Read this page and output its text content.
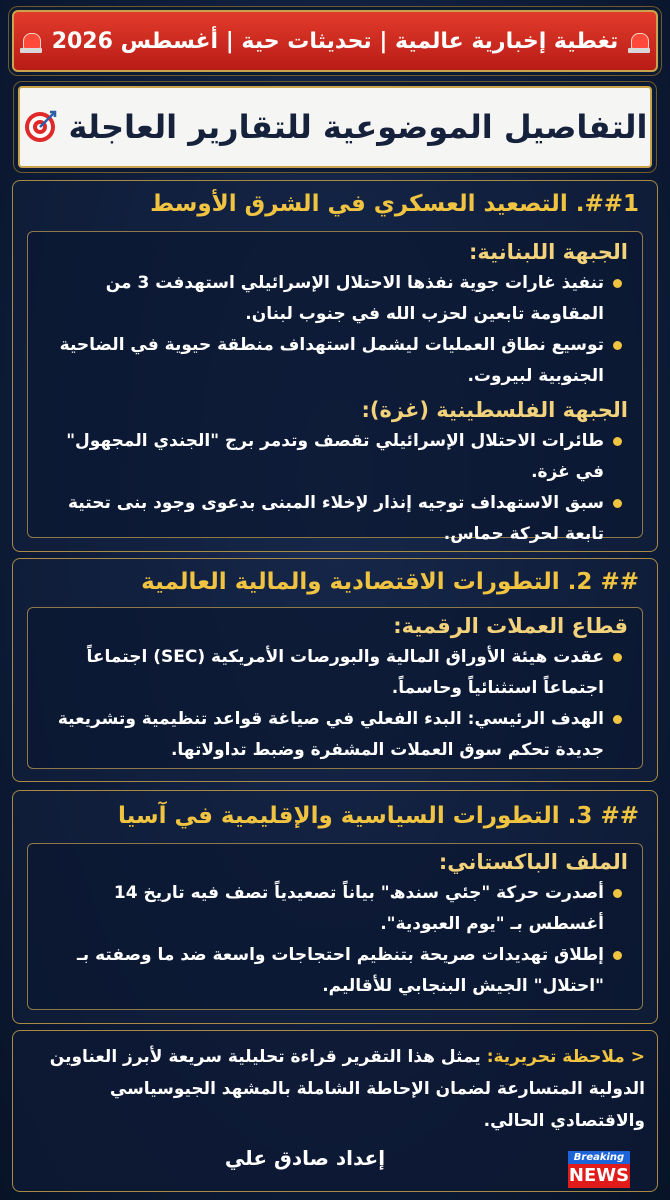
تغطية إخبارية عالمية | تحديثات حية | أغسطس 2026
التفاصيل الموضوعية للتقارير العاجلة
##1. التصعيد العسكري في الشرق الأوسط
الجبهة اللبنانية:
تنفيذ غارات جوية نفذها الاحتلال الإسرائيلي استهدفت 3 من المقاومة تابعين لحزب الله في جنوب لبنان.
توسيع نطاق العمليات ليشمل استهداف منطقة حيوية في الضاحية الجنوبية لبيروت.
الجبهة الفلسطينية (غزة):
طائرات الاحتلال الإسرائيلي تقصف وتدمر برج "الجندي المجهول" في غزة.
سبق الاستهداف توجيه إنذار لإخلاء المبنى بدعوى وجود بنى تحتية تابعة لحركة حماس.
## 2. التطورات الاقتصادية والمالية العالمية
قطاع العملات الرقمية:
عقدت هيئة الأوراق المالية والبورصات الأمريكية (SEC) اجتماعاً اجتماعاً استثنائياً وحاسماً.
الهدف الرئيسي: البدء الفعلي في صياغة قواعد تنظيمية وتشريعية جديدة تحكم سوق العملات المشفرة وضبط تداولاتها.
## 3. التطورات السياسية والإقليمية في آسيا
الملف الباكستاني:
أصدرت حركة "جئي سندھ" بياناً تصعيدياً تصف فيه تاريخ 14 أغسطس بـ "يوم العبودية".
إطلاق تهديدات صريحة بتنظيم احتجاجات واسعة ضد ما وصفته بـ "احتلال" الجيش البنجابي للأقاليم.
< ملاحظة تحريرية: يمثل هذا التقرير قراءة تحليلية سريعة لأبرز العناوين الدولية المتسارعة لضمان الإحاطة الشاملة بالمشهد الجيوسياسي والاقتصادي الحالي.
إعداد صادق علي	Breaking
NEWS
